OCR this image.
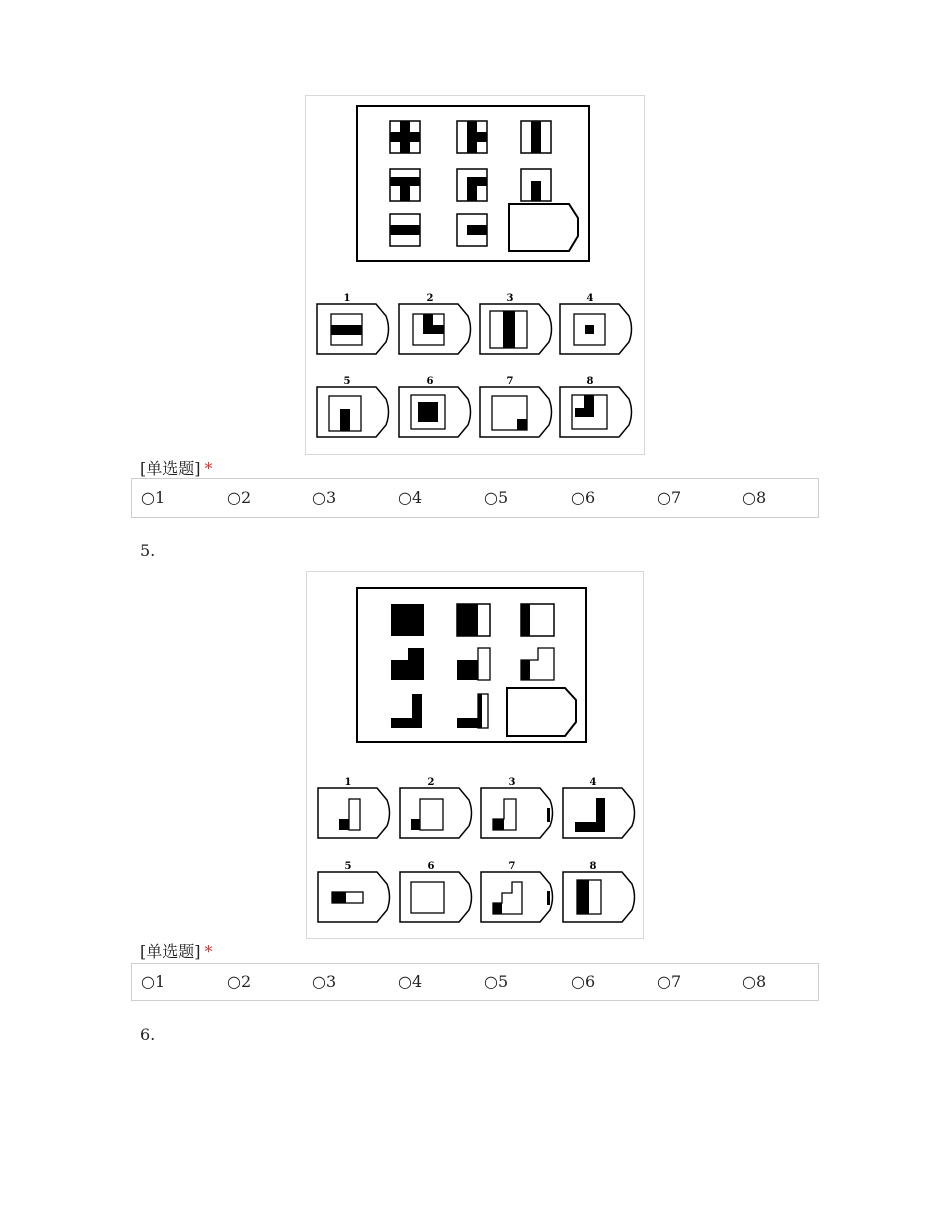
1	2	3	4
5	6	7	8
[单选题] *
○1	○2	○3	○4	○5	○6	○7	○8
5.
1	2	3	4
5	6	7	8
[单选题] *
○1	○2	○3	○4	○5	○6	○7	○8
6.
